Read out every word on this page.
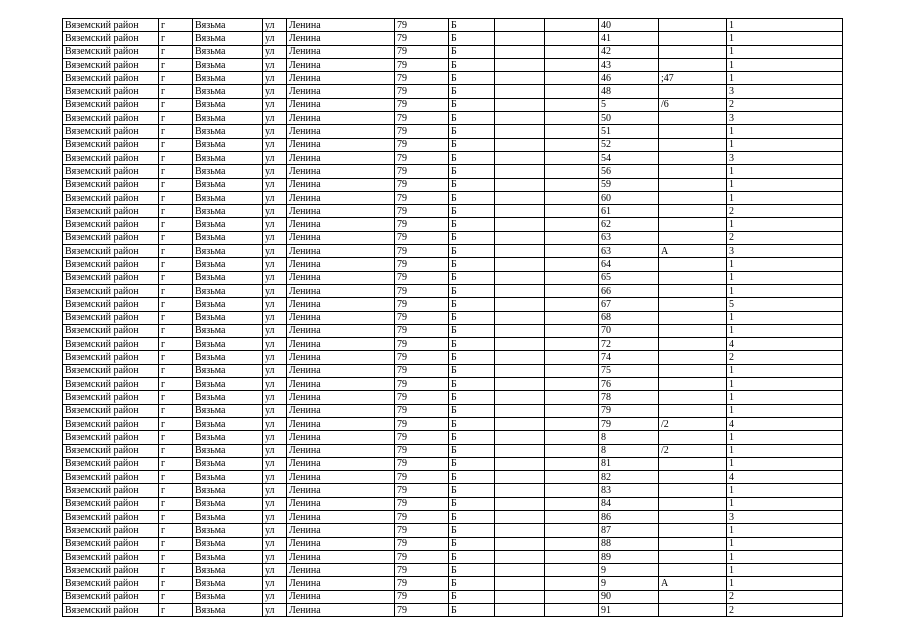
Вяземский район	г	Вязьма	ул	Ленина	79	Б			40		1
Вяземский район	г	Вязьма	ул	Ленина	79	Б			41		1
Вяземский район	г	Вязьма	ул	Ленина	79	Б			42		1
Вяземский район	г	Вязьма	ул	Ленина	79	Б			43		1
Вяземский район	г	Вязьма	ул	Ленина	79	Б			46	;47	1
Вяземский район	г	Вязьма	ул	Ленина	79	Б			48		3
Вяземский район	г	Вязьма	ул	Ленина	79	Б			5	/6	2
Вяземский район	г	Вязьма	ул	Ленина	79	Б			50		3
Вяземский район	г	Вязьма	ул	Ленина	79	Б			51		1
Вяземский район	г	Вязьма	ул	Ленина	79	Б			52		1
Вяземский район	г	Вязьма	ул	Ленина	79	Б			54		3
Вяземский район	г	Вязьма	ул	Ленина	79	Б			56		1
Вяземский район	г	Вязьма	ул	Ленина	79	Б			59		1
Вяземский район	г	Вязьма	ул	Ленина	79	Б			60		1
Вяземский район	г	Вязьма	ул	Ленина	79	Б			61		2
Вяземский район	г	Вязьма	ул	Ленина	79	Б			62		1
Вяземский район	г	Вязьма	ул	Ленина	79	Б			63		2
Вяземский район	г	Вязьма	ул	Ленина	79	Б			63	А	3
Вяземский район	г	Вязьма	ул	Ленина	79	Б			64		1
Вяземский район	г	Вязьма	ул	Ленина	79	Б			65		1
Вяземский район	г	Вязьма	ул	Ленина	79	Б			66		1
Вяземский район	г	Вязьма	ул	Ленина	79	Б			67		5
Вяземский район	г	Вязьма	ул	Ленина	79	Б			68		1
Вяземский район	г	Вязьма	ул	Ленина	79	Б			70		1
Вяземский район	г	Вязьма	ул	Ленина	79	Б			72		4
Вяземский район	г	Вязьма	ул	Ленина	79	Б			74		2
Вяземский район	г	Вязьма	ул	Ленина	79	Б			75		1
Вяземский район	г	Вязьма	ул	Ленина	79	Б			76		1
Вяземский район	г	Вязьма	ул	Ленина	79	Б			78		1
Вяземский район	г	Вязьма	ул	Ленина	79	Б			79		1
Вяземский район	г	Вязьма	ул	Ленина	79	Б			79	/2	4
Вяземский район	г	Вязьма	ул	Ленина	79	Б			8		1
Вяземский район	г	Вязьма	ул	Ленина	79	Б			8	/2	1
Вяземский район	г	Вязьма	ул	Ленина	79	Б			81		1
Вяземский район	г	Вязьма	ул	Ленина	79	Б			82		4
Вяземский район	г	Вязьма	ул	Ленина	79	Б			83		1
Вяземский район	г	Вязьма	ул	Ленина	79	Б			84		1
Вяземский район	г	Вязьма	ул	Ленина	79	Б			86		3
Вяземский район	г	Вязьма	ул	Ленина	79	Б			87		1
Вяземский район	г	Вязьма	ул	Ленина	79	Б			88		1
Вяземский район	г	Вязьма	ул	Ленина	79	Б			89		1
Вяземский район	г	Вязьма	ул	Ленина	79	Б			9		1
Вяземский район	г	Вязьма	ул	Ленина	79	Б			9	А	1
Вяземский район	г	Вязьма	ул	Ленина	79	Б			90		2
Вяземский район	г	Вязьма	ул	Ленина	79	Б			91		2
